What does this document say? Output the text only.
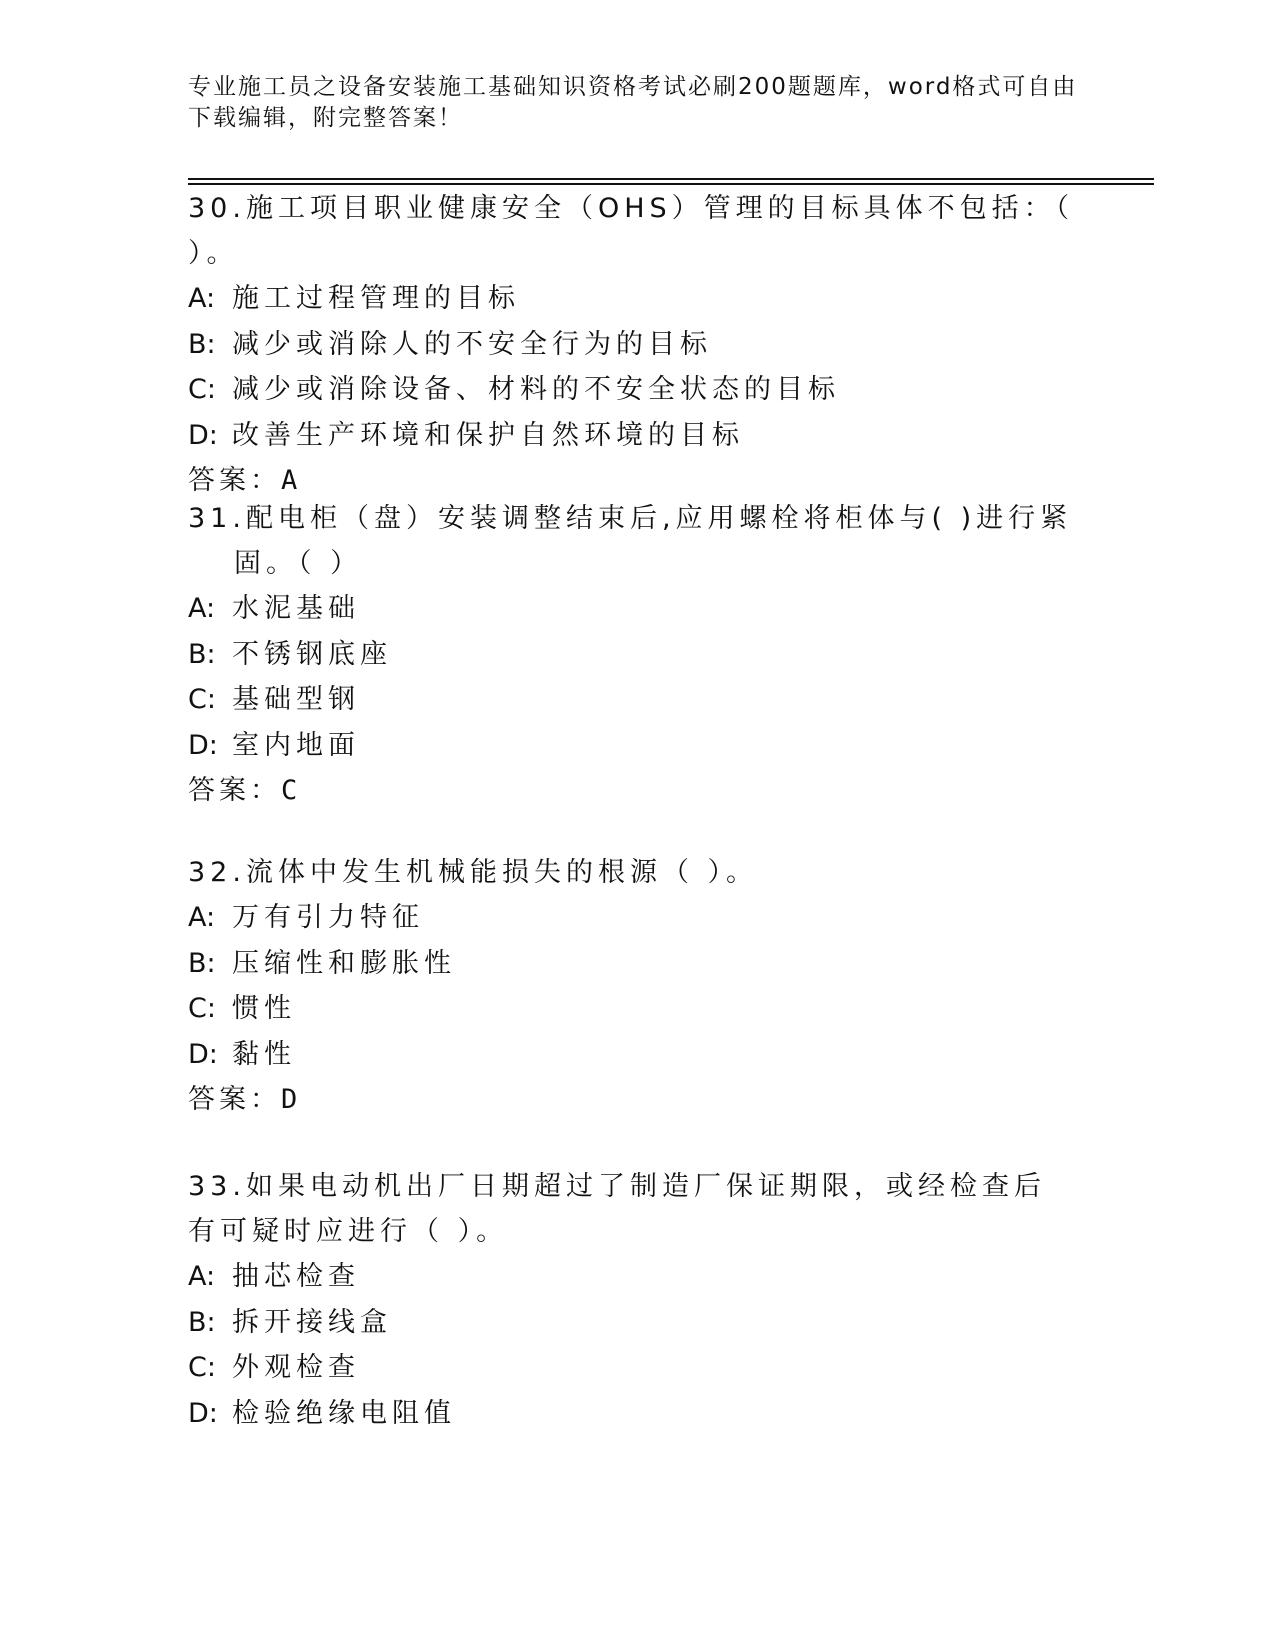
专业施工员之设备安装施工基础知识资格考试必刷200题题库，word格式可自由下载编辑，附完整答案！

30.施工项目职业健康安全（OHS）管理的目标具体不包括：（ ）。

A: 施工过程管理的目标
B: 减少或消除人的不安全行为的目标
C: 减少或消除设备、材料的不安全状态的目标
D: 改善生产环境和保护自然环境的目标
答案：A

31.配电柜（盘）安装调整结束后,应用螺栓将柜体与( )进行紧固。（ ）

A: 水泥基础
B: 不锈钢底座
C: 基础型钢
D: 室内地面
答案：C

32.流体中发生机械能损失的根源（ ）。

A: 万有引力特征
B: 压缩性和膨胀性
C: 惯性
D: 黏性
答案：D

33.如果电动机出厂日期超过了制造厂保证期限，或经检查后有可疑时应进行（ ）。

A: 抽芯检查
B: 拆开接线盒
C: 外观检查
D: 检验绝缘电阻值
